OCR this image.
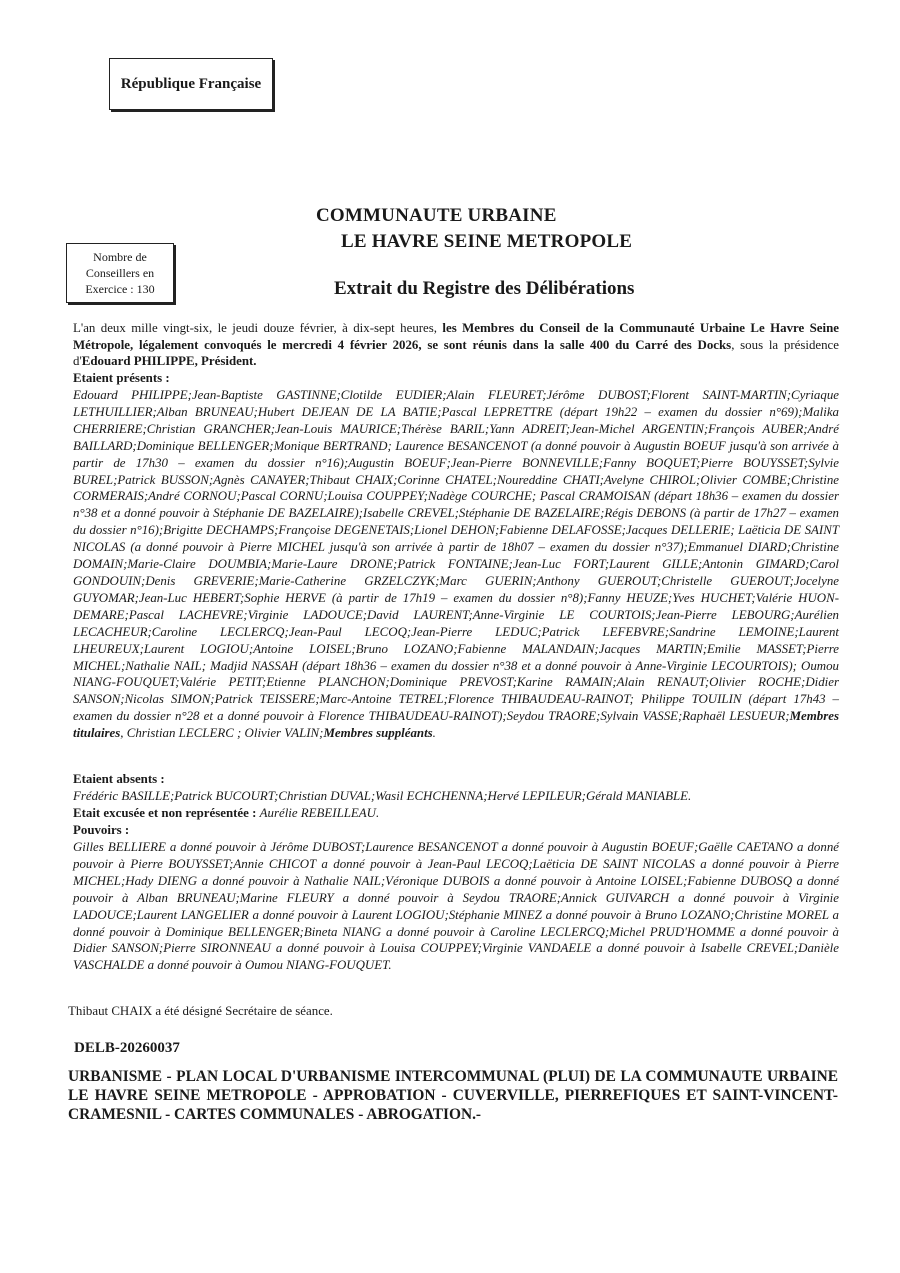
République Française
Nombre de
Conseillers en
Exercice : 130
COMMUNAUTE URBAINE
LE HAVRE SEINE METROPOLE
Extrait du Registre des Délibérations
L'an deux mille vingt-six, le jeudi douze février, à dix-sept heures, les Membres du Conseil de la Communauté Urbaine Le Havre Seine Métropole, légalement convoqués le mercredi 4 février 2026, se sont réunis dans la salle 400 du Carré des Docks, sous la présidence d'Edouard PHILIPPE, Président.
Etaient présents :
Edouard PHILIPPE;Jean-Baptiste GASTINNE;Clotilde EUDIER;Alain FLEURET;Jérôme DUBOST;Florent SAINT-MARTIN;Cyriaque LETHUILLIER;Alban BRUNEAU;Hubert DEJEAN DE LA BATIE;Pascal LEPRETTRE (départ 19h22 – examen du dossier n°69);Malika CHERRIERE;Christian GRANCHER;Jean-Louis MAURICE;Thérèse BARIL;Yann ADREIT;Jean-Michel ARGENTIN;François AUBER;André BAILLARD;Dominique BELLENGER;Monique BERTRAND; Laurence BESANCENOT (a donné pouvoir à Augustin BOEUF jusqu'à son arrivée à partir de 17h30 – examen du dossier n°16);Augustin BOEUF;Jean-Pierre BONNEVILLE;Fanny BOQUET;Pierre BOUYSSET;Sylvie BUREL;Patrick BUSSON;Agnès CANAYER;Thibaut CHAIX;Corinne CHATEL;Noureddine CHATI;Avelyne CHIROL;Olivier COMBE;Christine CORMERAIS;André CORNOU;Pascal CORNU;Louisa COUPPEY;Nadège COURCHE; Pascal CRAMOISAN (départ 18h36 – examen du dossier n°38 et a donné pouvoir à Stéphanie DE BAZELAIRE);Isabelle CREVEL;Stéphanie DE BAZELAIRE;Régis DEBONS (à partir de 17h27 – examen du dossier n°16);Brigitte DECHAMPS;Françoise DEGENETAIS;Lionel DEHON;Fabienne DELAFOSSE;Jacques DELLERIE; Laëticia DE SAINT NICOLAS (a donné pouvoir à Pierre MICHEL jusqu'à son arrivée à partir de 18h07 – examen du dossier n°37);Emmanuel DIARD;Christine DOMAIN;Marie-Claire DOUMBIA;Marie-Laure DRONE;Patrick FONTAINE;Jean-Luc FORT;Laurent GILLE;Antonin GIMARD;Carol GONDOUIN;Denis GREVERIE;Marie-Catherine GRZELCZYK;Marc GUERIN;Anthony GUEROUT;Christelle GUEROUT;Jocelyne GUYOMAR;Jean-Luc HEBERT;Sophie HERVE (à partir de 17h19 – examen du dossier n°8);Fanny HEUZE;Yves HUCHET;Valérie HUON-DEMARE;Pascal LACHEVRE;Virginie LADOUCE;David LAURENT;Anne-Virginie LE COURTOIS;Jean-Pierre LEBOURG;Aurélien LECACHEUR;Caroline LECLERCQ;Jean-Paul LECOQ;Jean-Pierre LEDUC;Patrick LEFEBVRE;Sandrine LEMOINE;Laurent LHEUREUX;Laurent LOGIOU;Antoine LOISEL;Bruno LOZANO;Fabienne MALANDAIN;Jacques MARTIN;Emilie MASSET;Pierre MICHEL;Nathalie NAIL; Madjid NASSAH (départ 18h36 – examen du dossier n°38 et a donné pouvoir à Anne-Virginie LECOURTOIS); Oumou NIANG-FOUQUET;Valérie PETIT;Etienne PLANCHON;Dominique PREVOST;Karine RAMAIN;Alain RENAUT;Olivier ROCHE;Didier SANSON;Nicolas SIMON;Patrick TEISSERE;Marc-Antoine TETREL;Florence THIBAUDEAU-RAINOT; Philippe TOUILIN (départ 17h43 – examen du dossier n°28 et a donné pouvoir à Florence THIBAUDEAU-RAINOT);Seydou TRAORE;Sylvain VASSE;Raphaël LESUEUR;Membres titulaires, Christian LECLERC ; Olivier VALIN;Membres suppléants.
Etaient absents :
Frédéric BASILLE;Patrick BUCOURT;Christian DUVAL;Wasil ECHCHENNA;Hervé LEPILEUR;Gérald MANIABLE.
Etait excusée et non représentée : Aurélie REBEILLEAU.
Pouvoirs :
Gilles BELLIERE a donné pouvoir à Jérôme DUBOST;Laurence BESANCENOT a donné pouvoir à Augustin BOEUF;Gaëlle CAETANO a donné pouvoir à Pierre BOUYSSET;Annie CHICOT a donné pouvoir à Jean-Paul LECOQ;Laëticia DE SAINT NICOLAS a donné pouvoir à Pierre MICHEL;Hady DIENG a donné pouvoir à Nathalie NAIL;Véronique DUBOIS a donné pouvoir à Antoine LOISEL;Fabienne DUBOSQ a donné pouvoir à Alban BRUNEAU;Marine FLEURY a donné pouvoir à Seydou TRAORE;Annick GUIVARCH a donné pouvoir à Virginie LADOUCE;Laurent LANGELIER a donné pouvoir à Laurent LOGIOU;Stéphanie MINEZ a donné pouvoir à Bruno LOZANO;Christine MOREL a donné pouvoir à Dominique BELLENGER;Bineta NIANG a donné pouvoir à Caroline LECLERCQ;Michel PRUD'HOMME a donné pouvoir à Didier SANSON;Pierre SIRONNEAU a donné pouvoir à Louisa COUPPEY;Virginie VANDAELE a donné pouvoir à Isabelle CREVEL;Danièle VASCHALDE a donné pouvoir à Oumou NIANG-FOUQUET.
Thibaut CHAIX a été désigné Secrétaire de séance.
DELB-20260037
URBANISME - PLAN LOCAL D'URBANISME INTERCOMMUNAL (PLUI) DE LA COMMUNAUTE URBAINE LE HAVRE SEINE METROPOLE - APPROBATION - CUVERVILLE, PIERREFIQUES ET SAINT-VINCENT- CRAMESNIL - CARTES COMMUNALES - ABROGATION.-
